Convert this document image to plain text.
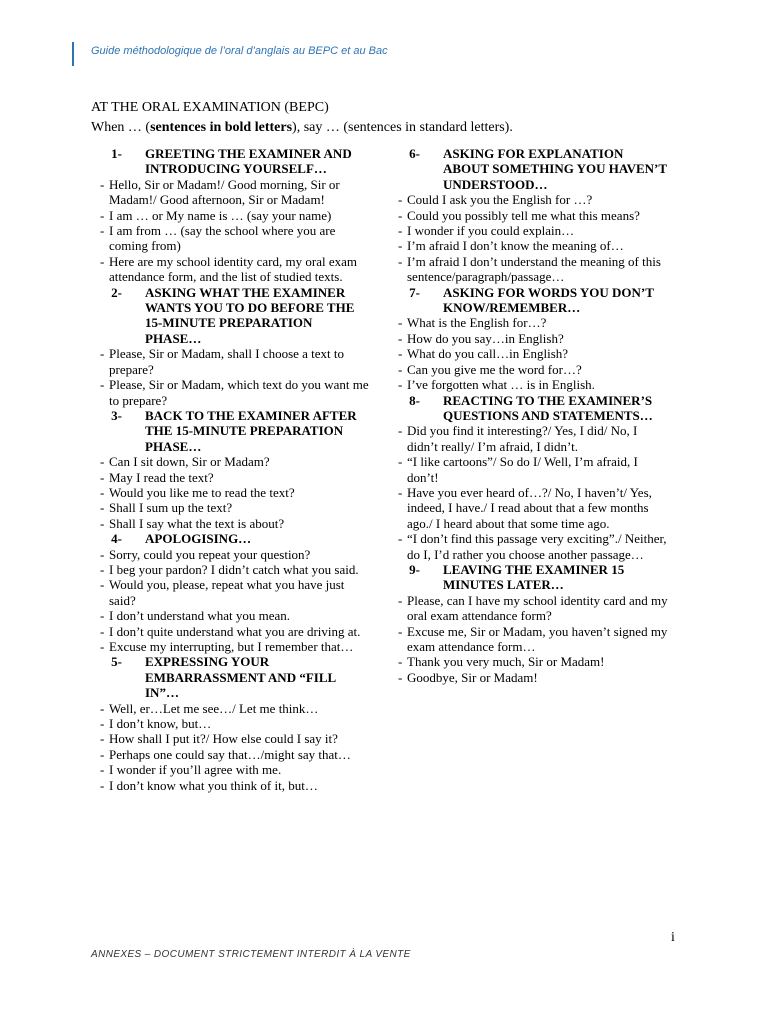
Guide méthodologique de l’oral d’anglais au BEPC et au Bac
AT THE ORAL EXAMINATION (BEPC)
When … (sentences in bold letters), say … (sentences in standard letters).
1-	GREETING THE EXAMINER AND INTRODUCING YOURSELF…
- Hello, Sir or Madam!/ Good morning, Sir or Madam!/ Good afternoon, Sir or Madam!
- I am … or My name is … (say your name)
- I am from … (say the school where you are coming from)
- Here are my school identity card, my oral exam attendance form, and the list of studied texts.
2-	ASKING WHAT THE EXAMINER WANTS YOU TO DO BEFORE THE 15-MINUTE PREPARATION PHASE…
- Please, Sir or Madam, shall I choose a text to prepare?
- Please, Sir or Madam, which text do you want me to prepare?
3-	BACK TO THE EXAMINER AFTER THE 15-MINUTE PREPARATION PHASE…
- Can I sit down, Sir or Madam?
- May I read the text?
- Would you like me to read the text?
- Shall I sum up the text?
- Shall I say what the text is about?
4-	APOLOGISING…
- Sorry, could you repeat your question?
- I beg your pardon? I didn’t catch what you said.
- Would you, please, repeat what you have just said?
- I don’t understand what you mean.
- I don’t quite understand what you are driving at.
- Excuse my interrupting, but I remember that…
5-	EXPRESSING YOUR EMBARRASSMENT AND “FILL IN”…
- Well, er…Let me see…/ Let me think…
- I don’t know, but…
- How shall I put it?/ How else could I say it?
- Perhaps one could say that…/might say that…
- I wonder if you’ll agree with me.
- I don’t know what you think of it, but…
6-	ASKING FOR EXPLANATION ABOUT SOMETHING YOU HAVEN’T UNDERSTOOD…
- Could I ask you the English for …?
- Could you possibly tell me what this means?
- I wonder if you could explain…
- I’m afraid I don’t know the meaning of…
- I’m afraid I don’t understand the meaning of this sentence/paragraph/passage…
7-	ASKING FOR WORDS YOU DON’T KNOW/REMEMBER…
- What is the English for…?
- How do you say…in English?
- What do you call…in English?
- Can you give me the word for…?
- I’ve forgotten what … is in English.
8-	REACTING TO THE EXAMINER’S QUESTIONS AND STATEMENTS…
- Did you find it interesting?/ Yes, I did/ No, I didn’t really/ I’m afraid, I didn’t.
- “I like cartoons”/ So do I/ Well, I’m afraid, I don’t!
- Have you ever heard of…?/ No, I haven’t/ Yes, indeed, I have./ I read about that a few months ago./ I heard about that some time ago.
- “I don’t find this passage very exciting”./ Neither, do I, I’d rather you choose another passage…
9-	LEAVING THE EXAMINER 15 MINUTES LATER…
- Please, can I have my school identity card and my oral exam attendance form?
- Excuse me, Sir or Madam, you haven’t signed my exam attendance form…
- Thank you very much, Sir or Madam!
- Goodbye, Sir or Madam!
i
ANNEXES – DOCUMENT STRICTEMENT INTERDIT À LA VENTE
